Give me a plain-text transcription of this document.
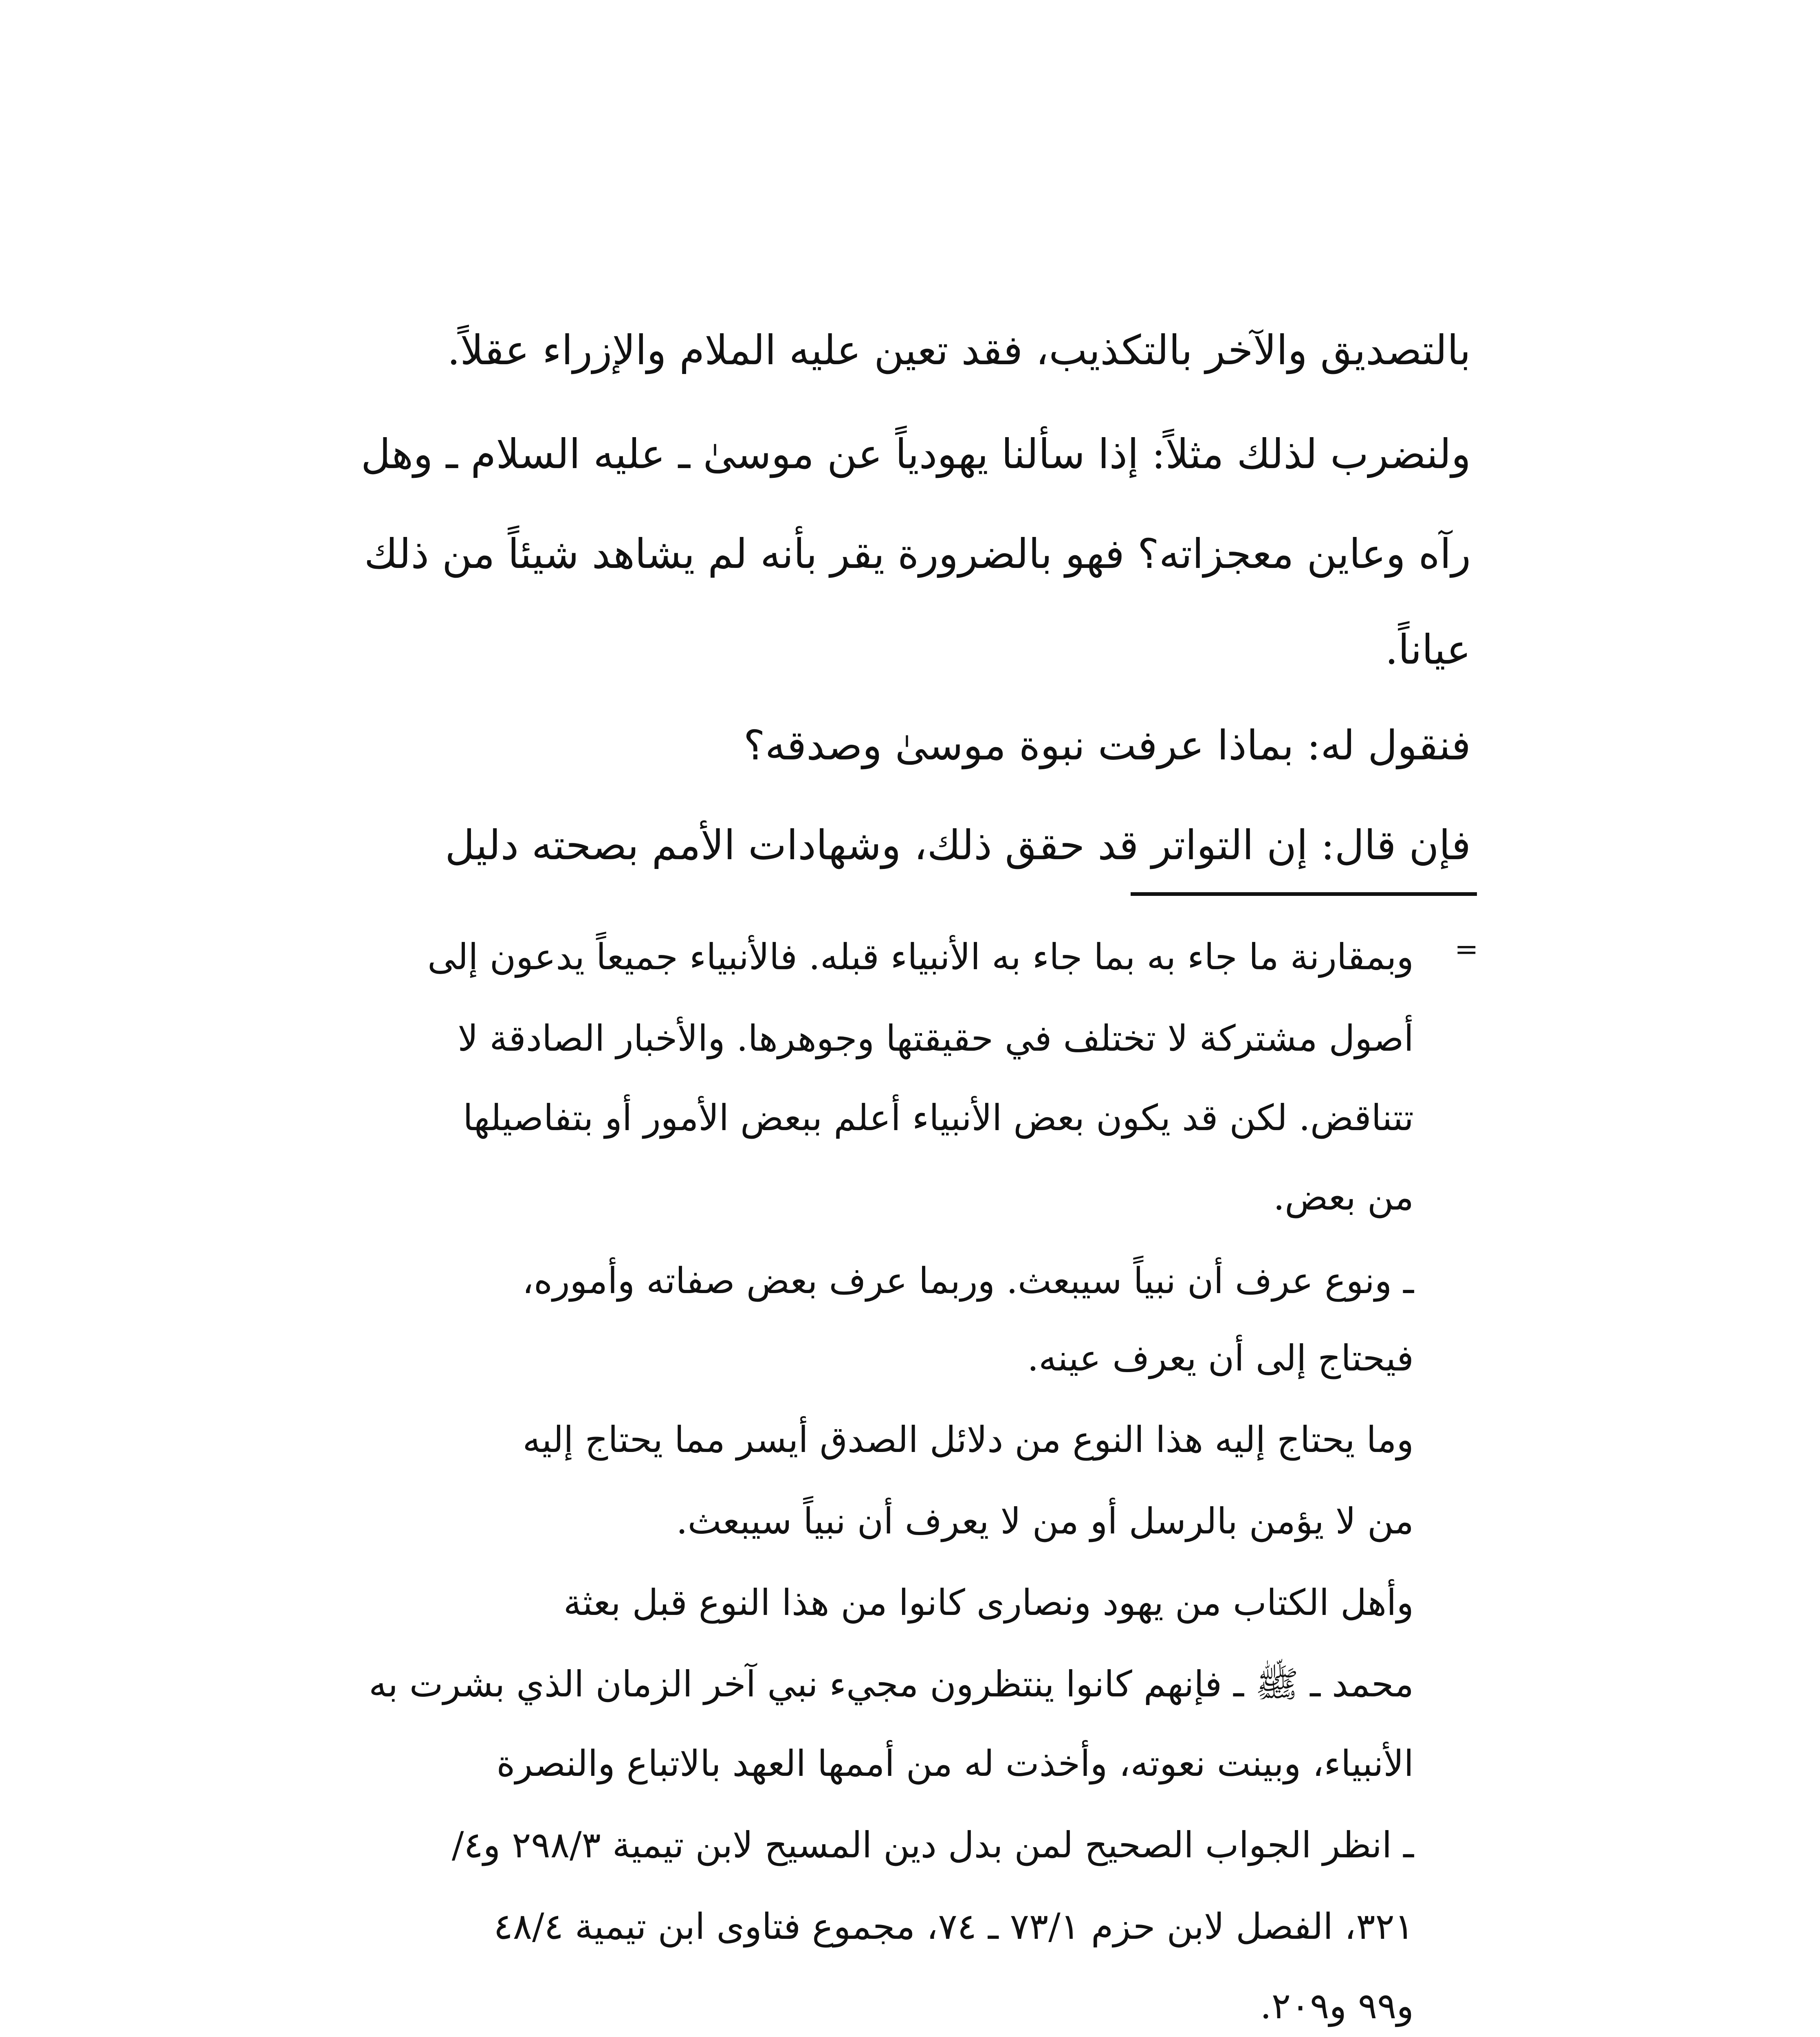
بالتصديق والآخر بالتكذيب، فقد تعين عليه الملام والإزراء عقلاً.

ولنضرب لذلك مثلاً: إذا سألنا يهودياً عن موسىٰ ـ عليه السلام ـ وهل

رآه وعاين معجزاته؟ فهو بالضرورة يقر بأنه لم يشاهد شيئاً من ذلك

عياناً.

فنقول له: بماذا عرفت نبوة موسىٰ وصدقه؟

فإن قال: إن التواتر قد حقق ذلك، وشهادات الأمم بصحته دليل

=

وبمقارنة ما جاء به بما جاء به الأنبياء قبله. فالأنبياء جميعاً يدعون إلى

أصول مشتركة لا تختلف في حقيقتها وجوهرها. والأخبار الصادقة لا

تتناقض. لكن قد يكون بعض الأنبياء أعلم ببعض الأمور أو بتفاصيلها

من بعض.

ـ ونوع عرف أن نبياً سيبعث. وربما عرف بعض صفاته وأموره،

فيحتاج إلى أن يعرف عينه.

وما يحتاج إليه هذا النوع من دلائل الصدق أيسر مما يحتاج إليه

من لا يؤمن بالرسل أو من لا يعرف أن نبياً سيبعث.

وأهل الكتاب من يهود ونصارى كانوا من هذا النوع قبل بعثة

محمد ـ ﷺ ـ فإنهم كانوا ينتظرون مجيء نبي آخر الزمان الذي بشرت به

الأنبياء، وبينت نعوته، وأخذت له من أممها العهد بالاتباع والنصرة

ـ انظر الجواب الصحيح لمن بدل دين المسيح لابن تيمية ٢٩٨/٣ و٤/

٣٢١، الفصل لابن حزم ٧٣/١ ـ ٧٤، مجموع فتاوى ابن تيمية ٤٨/٤

و٩٩ و٢٠٩.
